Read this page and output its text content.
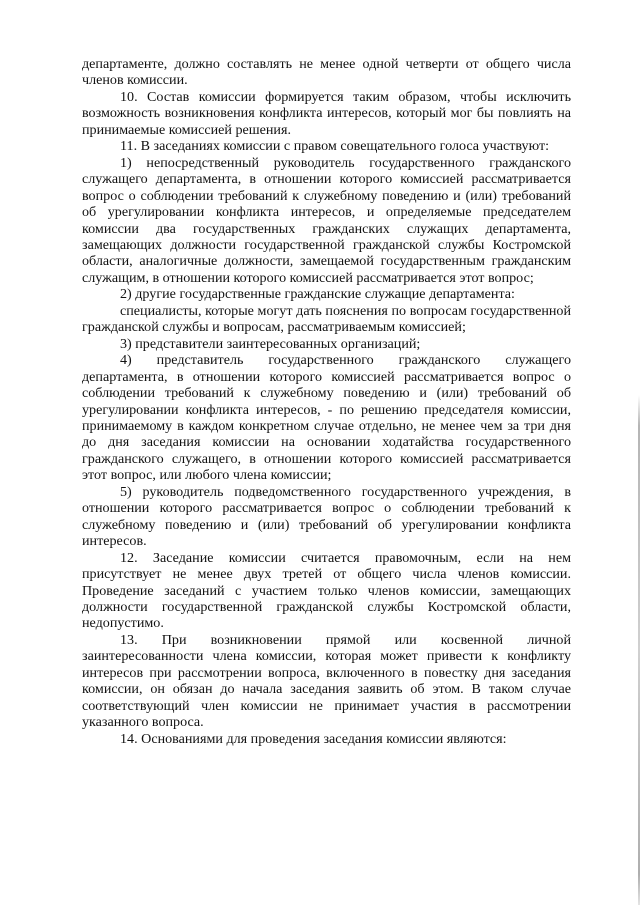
департаменте, должно составлять не менее одной четверти от общего числа членов комиссии.

10. Состав комиссии формируется таким образом, чтобы исключить возможность возникновения конфликта интересов, который мог бы повлиять на принимаемые комиссией решения.

11. В заседаниях комиссии с правом совещательного голоса участвуют:

1) непосредственный руководитель государственного гражданского служащего департамента, в отношении которого комиссией рассматривается вопрос о соблюдении требований к служебному поведению и (или) требований об урегулировании конфликта интересов, и определяемые председателем комиссии два государственных гражданских служащих департамента, замещающих должности государственной гражданской службы Костромской области, аналогичные должности, замещаемой государственным гражданским служащим, в отношении которого комиссией рассматривается этот вопрос;

2) другие государственные гражданские служащие департамента:

специалисты, которые могут дать пояснения по вопросам государственной гражданской службы и вопросам, рассматриваемым комиссией;

3) представители заинтересованных организаций;

4) представитель государственного гражданского служащего департамента, в отношении которого комиссией рассматривается вопрос о соблюдении требований к служебному поведению и (или) требований об урегулировании конфликта интересов, - по решению председателя комиссии, принимаемому в каждом конкретном случае отдельно, не менее чем за три дня до дня заседания комиссии на основании ходатайства государственного гражданского служащего, в отношении которого комиссией рассматривается этот вопрос, или любого члена комиссии;

5) руководитель подведомственного государственного учреждения, в отношении которого рассматривается вопрос о соблюдении требований к служебному поведению и (или) требований об урегулировании конфликта интересов.

12. Заседание комиссии считается правомочным, если на нем присутствует не менее двух третей от общего числа членов комиссии. Проведение заседаний с участием только членов комиссии, замещающих должности государственной гражданской службы Костромской области, недопустимо.

13. При возникновении прямой или косвенной личной заинтересованности члена комиссии, которая может привести к конфликту интересов при рассмотрении вопроса, включенного в повестку дня заседания комиссии, он обязан до начала заседания заявить об этом. В таком случае соответствующий член комиссии не принимает участия в рассмотрении указанного вопроса.

14. Основаниями для проведения заседания комиссии являются:
